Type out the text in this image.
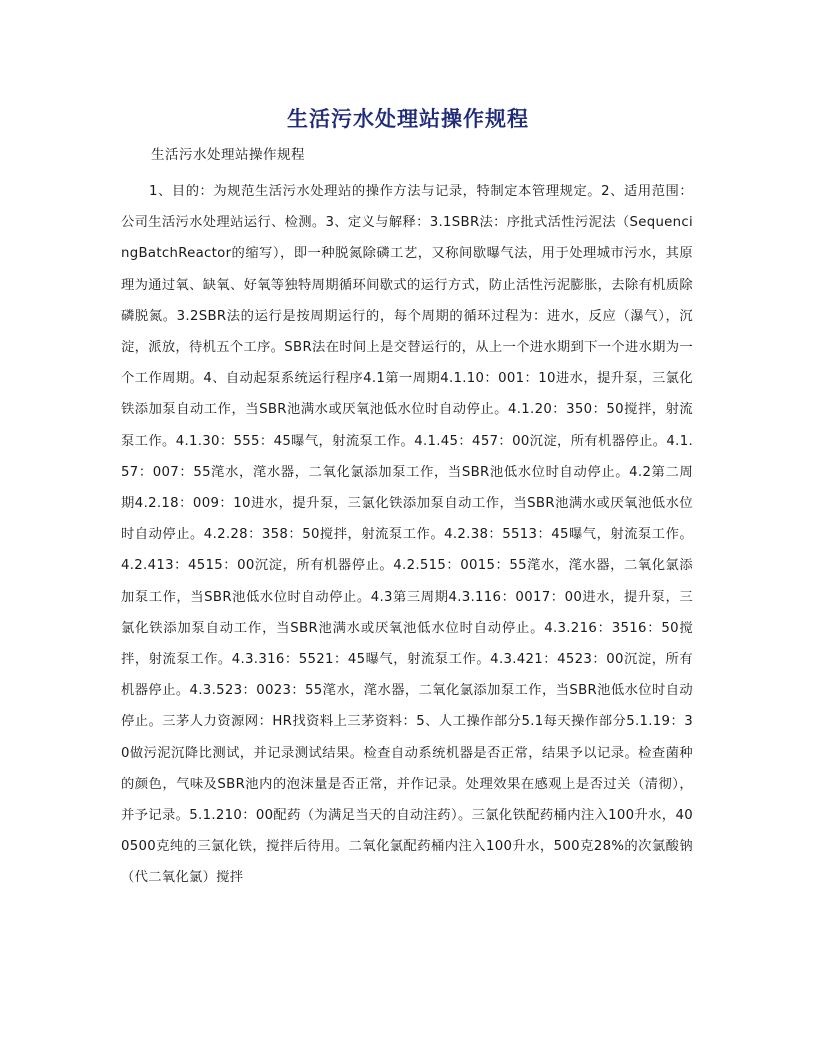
生活污水处理站操作规程

生活污水处理站操作规程

1、目的：为规范生活污水处理站的操作方法与记录，特制定本管理规定。2、适用范围：公司生活污水处理站运行、检测。3、定义与解释：3.1SBR法：序批式活性污泥法（SequencingBatchReactor的缩写），即一种脱氮除磷工艺，又称间歇曝气法，用于处理城市污水，其原理为通过氧、缺氧、好氧等独特周期循环间歇式的运行方式，防止活性污泥膨胀，去除有机质除磷脱氮。3.2SBR法的运行是按周期运行的，每个周期的循环过程为：进水，反应（瀑气），沉淀，派放，待机五个工序。SBR法在时间上是交替运行的，从上一个进水期到下一个进水期为一个工作周期。4、自动起泵系统运行程序4.1第一周期4.1.10：001：10进水，提升泵，三氯化铁添加泵自动工作，当SBR池满水或厌氧池低水位时自动停止。4.1.20：350：50搅拌，射流泵工作。4.1.30：555：45曝气，射流泵工作。4.1.45：457：00沉淀，所有机器停止。4.1.57：007：55滗水，滗水器，二氧化氯添加泵工作，当SBR池低水位时自动停止。4.2第二周期4.2.18：009：10进水，提升泵，三氯化铁添加泵自动工作，当SBR池满水或厌氧池低水位时自动停止。4.2.28：358：50搅拌，射流泵工作。4.2.38：5513：45曝气，射流泵工作。4.2.413：4515：00沉淀，所有机器停止。4.2.515：0015：55滗水，滗水器，二氧化氯添加泵工作，当SBR池低水位时自动停止。4.3第三周期4.3.116：0017：00进水，提升泵，三氯化铁添加泵自动工作，当SBR池满水或厌氧池低水位时自动停止。4.3.216：3516：50搅拌，射流泵工作。4.3.316：5521：45曝气，射流泵工作。4.3.421：4523：00沉淀，所有机器停止。4.3.523：0023：55滗水，滗水器，二氧化氯添加泵工作，当SBR池低水位时自动停止。三茅人力资源网：HR找资料上三茅资料：5、人工操作部分5.1每天操作部分5.1.19：30做污泥沉降比测试，并记录测试结果。检查自动系统机器是否正常，结果予以记录。检查菌种的颜色，气味及SBR池内的泡沫量是否正常，并作记录。处理效果在感观上是否过关（清彻），并予记录。5.1.210：00配药（为满足当天的自动注药）。三氯化铁配药桶内注入100升水，400500克纯的三氯化铁，搅拌后待用。二氧化氯配药桶内注入100升水，500克28%的次氯酸钠（代二氧化氯）搅拌
